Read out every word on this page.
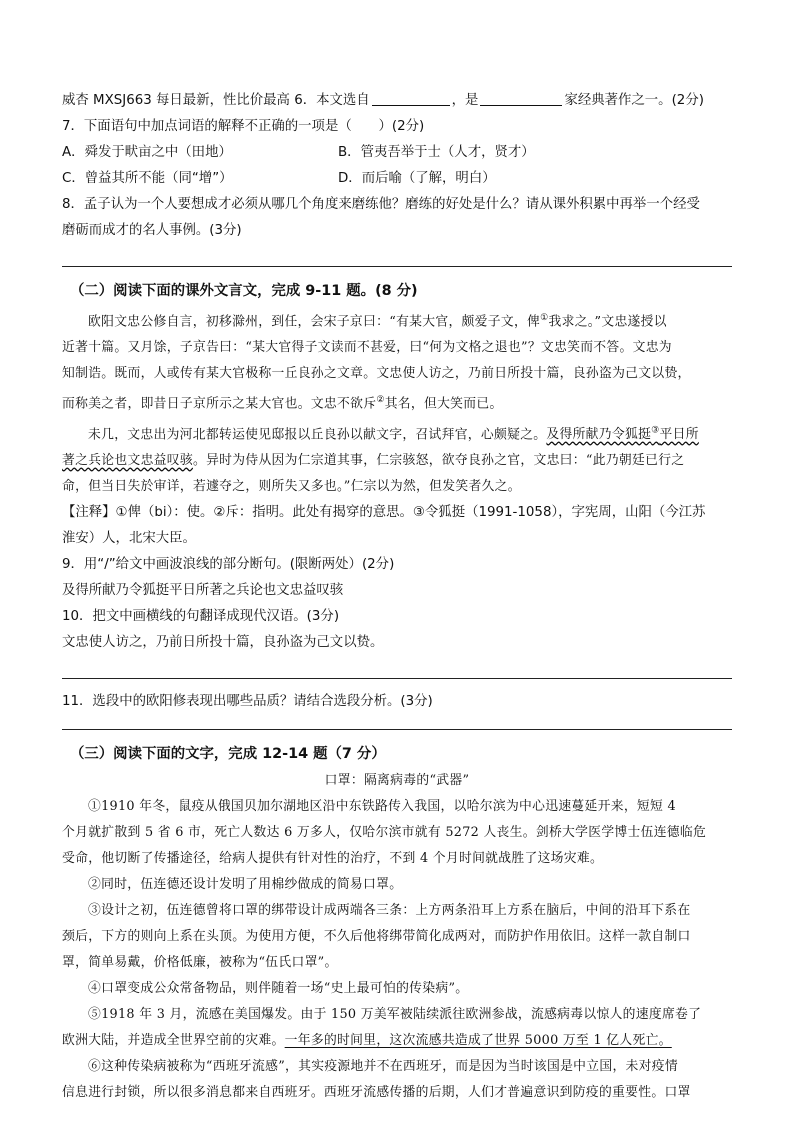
威杏 MXSJ663 每日最新，性比价最高 6．本文选自	，是	家经典著作之一。(2分)
7．下面语句中加点词语的解释不正确的一项是（　　）(2分)
A．舜发于畎亩之中（田地）	B．管夷吾举于士（人才，贤才）
C．曾益其所不能（同“增”）	D．而后喻（了解，明白）
8．孟子认为一个人要想成才必须从哪几个角度来磨练他？磨练的好处是什么？请从课外积累中再举一个经受
磨砺而成才的名人事例。(3分)
（二）阅读下面的课外文言文，完成 9-11 题。(8 分)
欧阳文忠公修自言，初移滁州，到任，会宋子京曰：“有某大官，颇爱子文，俾①我求之。”文忠遂授以
近著十篇。又月馀，子京告曰：“某大官得子文读而不甚爱，曰“何为文格之退也”？文忠笑而不答。文忠为
知制诰。既而，人或传有某大官极称一丘良孙之文章。文忠使人访之，乃前日所投十篇，良孙盗为己文以贽，
而称美之者，即昔日子京所示之某大官也。文忠不欲斥②其名，但大笑而已。
未几，文忠出为河北都转运使见邸报以丘良孙以献文字，召试拜官，心颇疑之。及得所献乃令狐挺③平日所
著之兵论也文忠益叹骇。异时为侍从因为仁宗道其事，仁宗骇怒，欲夺良孙之官，文忠曰：“此乃朝廷已行之
命，但当日失於审详，若遽夺之，则所失又多也。”仁宗以为然，但发笑者久之。
【注释】①俾（bi）：使。②斥：指明。此处有揭穿的意思。③令狐挺（1991-1058），字宪周，山阳（今江苏
淮安）人，北宋大臣。
9．用“/”给文中画波浪线的部分断句。(限断两处）(2分)
及得所献乃令狐挺平日所著之兵论也文忠益叹骇
10．把文中画横线的句翻译成现代汉语。(3分)
文忠使人访之，乃前日所投十篇，良孙盗为己文以贽。
11．选段中的欧阳修表现出哪些品质？请结合选段分析。(3分)
（三）阅读下面的文字，完成 12-14 题（7 分）
口罩：隔离病毒的“武器”
①1910 年冬，鼠疫从俄国贝加尔湖地区沿中东铁路传入我国，以哈尔滨为中心迅速蔓延开来，短短 4
个月就扩散到 5 省 6 市，死亡人数达 6 万多人，仅哈尔滨市就有 5272 人丧生。剑桥大学医学博士伍连德临危
受命，他切断了传播途径，给病人提供有针对性的治疗，不到 4 个月时间就战胜了这场灾难。
②同时，伍连德还设计发明了用棉纱做成的简易口罩。
③设计之初，伍连德曾将口罩的绑带设计成两端各三条：上方两条沿耳上方系在脑后，中间的沿耳下系在
颈后，下方的则向上系在头顶。为使用方便，不久后他将绑带简化成两对，而防护作用依旧。这样一款自制口
罩，简单易戴，价格低廉，被称为“伍氏口罩”。
④口罩变成公众常备物品，则伴随着一场“史上最可怕的传染病”。
⑤1918 年 3 月，流感在美国爆发。由于 150 万美军被陆续派往欧洲参战，流感病毒以惊人的速度席卷了
欧洲大陆，并造成全世界空前的灾难。一年多的时间里，这次流感共造成了世界 5000 万至 1 亿人死亡。
⑥这种传染病被称为“西班牙流感”，其实疫源地并不在西班牙，而是因为当时该国是中立国，未对疫情
信息进行封锁，所以很多消息都来自西班牙。西班牙流感传播的后期，人们才普遍意识到防疫的重要性。口罩
